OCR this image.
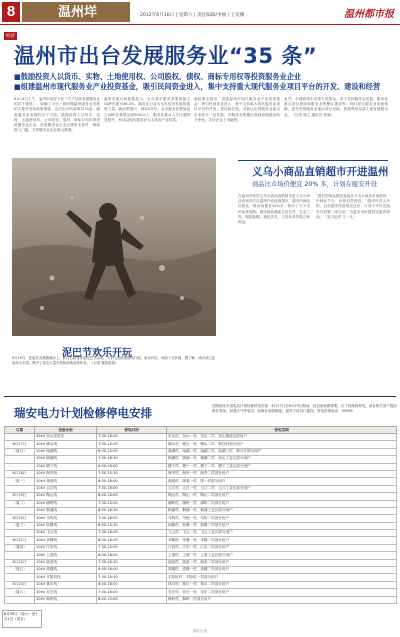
8	温州垟	2012年6月16日 | 星期六 | 责任编辑/李丽 | 子美操	温州都市报
经济
温州市出台发展服务业“35 条”
■鼓励投资人以货币、实物、土地使用权、公司股权、债权、商标专用权等投资服务业企业
■组建温州市现代服务业产业投资基金，吸引民间资金进入，集中支持重大现代服务业项目平台的开发、建设和经营
8月14日上午，温州市政府下发《关于加快发展服务业的若干意见》，明确了今后一段时期温州服务业发展的主要任务和政策措施，这次出台的政策共35条，涵盖服务业发展的各个方面。鼓励投资人以货币、实物、土地使用权、公司股权、债权、商标专用权等投资服务业企业，放宽服务业企业注册资本条件，降低准入门槛，支持服务业企业做大做强。
温州市统计局数据显示，去年我市服务业增加值占GDP比重为46.3%，服务业已成为全市经济发展的重要力量。新政策提出，到2015年，全市服务业增加值占GDP比重要达到50%以上，服务业就业人员比重明显提升，形成以现代服务业为主体的产业结构。
新政策还提出，组建温州市现代服务业产业投资基金，吸引民间资金进入，集中支持重大现代服务业项目平台的开发、建设和经营。对新认定的服务业重点企业给予一定奖励，对服务业集聚区基础设施建设给予补助，支持企业上市融资。
此外，市财政每年安排专项资金，用于扶持服务业发展、服务业重点项目建设和服务业集聚区建设等。同时加大服务业用地保障，优先安排服务业重点项目用地，鼓励利用存量土地发展服务业。（记者 林立 通讯员 张晓）
泥巴节欢乐开玩
6月15日，苍南县灵溪镇滩涂上，数百名游客参加泥巴节活动，大家在泥地里嬉戏打闹，欢乐开玩，场面十分热闹。据了解，该活动已连续举办多届，吸引了周边大量市民和游客前来体验。（记者 摄影报道）
义乌小商品直销超市开进温州
商品比市场价便宜 20% 多，计划在瓯安开设
在温州开张的义乌小商品直销超市是义乌小商品市场首次在温州开设直销超市，超市内商品价格比一般市场便宜20%多，吸引了不少市民前来选购。超市商品涵盖日用百货、五金工具、服装鞋帽、箱包皮具、文具玩具等数万种商品。
“我们的商品都是直接从义乌小商品市场进货，中间环节少，价格自然便宜。”超市负责人介绍，目前超市经营情况良好，计划下半年在瓯安开设第二家分店，为更多市民提供实惠的商品。（见习记者 王一凡）
瑞安电力计划检修停电安排	国网瑞安市供电局计划检修停电安排：6月17日至6月23日期间，因设备检修需要，以下线路将停电，请各相关用户提前做好准备。如遇天气等原因，检修计划将顺延，届时不再另行通知。停电咨询电话：95598
日期	设备名称	停电时间	停电范围
	35kV 东山变电站	7:30-16:00	东山村、东山一村、东山二村、东山街道全部用户
6月17日	10kV 塘头线	7:30-15:00	塘头村、塘头一村、塘头二村、荆谷村部分用户
（周日）	10kV 南湖线	8:00-15:00	南湖村、南湖一村、南湖二村、南湖三村、荆谷乡部分用户
	10kV 锦湖线	7:30-16:30	锦湖村、锦湖一村、锦湖二村、东山工业区部分用户
	10kV 塘下线	8:00-16:00	塘下村、塘下一村、塘下二村、塘下工业区部分用户
6月18日	10kV 海安线	7:30-15:30	海安村、海安一村、海安二村部分用户
（周一）	10kV 阁巷线	8:00-16:00	阁巷村、阁巷一村、围一村部分用户
	10kV 云江线	7:30-16:00	云江村、云江一村、云江二村、云江工业区部分用户
6月19日	10kV 陶山线	8:00-16:00	陶山村、陶山一村、陶山二村部分用户
（周二）	10kV 湖岭线	7:30-15:00	湖岭村、湖岭一村、湖岭二村部分用户
	10kV 桐浦线	8:00-16:30	桐浦村、桐浦一村、桐浦工业区部分用户
6月20日	10kV 马屿线	7:30-16:00	马屿村、马屿一村、马屿二村部分用户
（周三）	10kV 仙降线	8:00-15:30	仙降村、仙降一村、仙降二村部分用户
	10kV 飞云线	7:30-16:00	飞云村、飞云一村、飞云工业区部分用户
6月21日	10kV 莘塍线	8:00-16:00	莘塍村、莘塍一村、莘塍二村部分用户
（周四）	10kV 汀田线	7:30-15:00	汀田村、汀田一村、汀田二村部分用户
	10kV 上望线	8:00-16:00	上望村、上望一村、上望工业区部分用户
6月22日	10kV 丽岙线	7:30-16:30	丽岙村、丽岙一村、丽岙二村部分用户
（周五）	10kV 高楼线	8:00-16:00	高楼村、高楼一村、高楼二村部分用户
	10kV 平阳坑线	7:30-15:30	平阳坑村、平阳坑一村部分用户
6月23日	10kV 林川线	8:00-16:00	林川村、林川一村、林川二村部分用户
（周六）	10kV 芳庄线	7:30-16:00	芳庄村、芳庄一村、芳庄二村部分用户
	10kV 枫岭线	8:00-15:00	枫岭村、枫岭一村部分用户
6月30日（周六）至7月1日（周日）
瑞安日报
